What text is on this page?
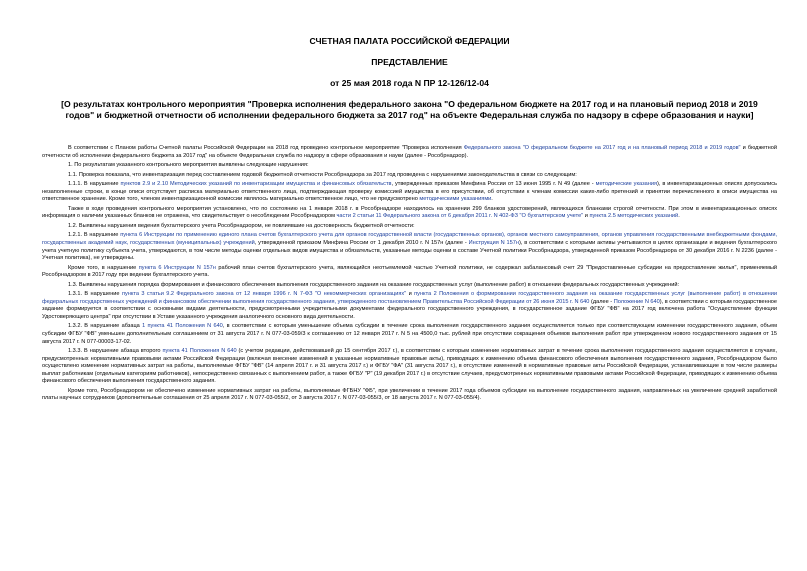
СЧЕТНАЯ ПАЛАТА РОССИЙСКОЙ ФЕДЕРАЦИИ
ПРЕДСТАВЛЕНИЕ
от 25 мая 2018 года N ПР 12-126/12-04
[О результатах контрольного мероприятия "Проверка исполнения федерального закона "О федеральном бюджете на 2017 год и на плановый период 2018 и 2019 годов" и бюджетной отчетности об исполнении федерального бюджета за 2017 год" на объекте Федеральная служба по надзору в сфере образования и науки]

В соответствии с Планом работы Счетной палаты Российской Федерации на 2018 год проведено контрольное мероприятие "Проверка исполнения Федерального закона "О федеральном бюджете на 2017 год и на плановый период 2018 и 2019 годов" и бюджетной отчетности об исполнении федерального бюджета за 2017 год" на объекте Федеральная служба по надзору в сфере образования и науки (далее - Рособрнадзор).

1. По результатам указанного контрольного мероприятия выявлены следующие нарушения:

1.1. Проверка показала, что инвентаризация перед составлением годовой бюджетной отчетности Рособрнадзора за 2017 год проведена с нарушениями законодательства в связи со следующим:

1.1.1. В нарушение пунктов 2.9 и 2.10 Методических указаний по инвентаризации имущества и финансовых обязательств, утвержденных приказом Минфина России от 13 июня 1995 г. N 49 (далее - методические указания), в инвентаризационных описях допускались незаполненные строки, в конце описи отсутствует расписка материально ответственного лица, подтверждающая проверку комиссией имущества в его присутствии, об отсутствии к членам комиссии каких-либо претензий и принятии перечисленного в описи имущества на ответственное хранение. Кроме того, членом инвентаризационной комиссии являлось материально ответственное лицо, что не предусмотрено методическими указаниями.

Также в ходе проведения контрольного мероприятия установлено, что по состоянию на 1 января 2018 г. в Рособрнадзоре находилось на хранении 299 бланков удостоверений, являющихся бланками строгой отчетности. При этом в инвентаризационных описях информация о наличии указанных бланков не отражена, что свидетельствует о несоблюдении Рособрнадзором части 2 статьи 11 Федерального закона от 6 декабря 2011 г. N 402-ФЗ "О бухгалтерском учете" и пункта 2.5 методических указаний.

1.2. Выявлены нарушения ведения бухгалтерского учета Рособрнадзором, не повлиявшие на достоверность бюджетной отчетности:

1.2.1. В нарушение пункта 6 Инструкции по применению единого плана счетов бухгалтерского учета для органов государственной власти (государственных органов), органов местного самоуправления, органов управления государственными внебюджетными фондами, государственных академий наук, государственных (муниципальных) учреждений, утвержденной приказом Минфина России от 1 декабря 2010 г. N 157н (далее - Инструкция N 157н), в соответствии с которыми активы учитываются в целях организации и ведения бухгалтерского учета учетную политику субъекта учета, утверждаются, в том числе методы оценки отдельных видов имущества и обязательств, указанные методы оценки в составе Учетной политики Рособрнадзора, утвержденной приказом Рособрнадзора от 30 декабря 2016 г. N 2236 (далее - Учетная политика), не утверждены.

Кроме того, в нарушение пункта 6 Инструкции N 157н рабочий план счетов бухгалтерского учета, являющийся неотъемлемой частью Учетной политики, не содержал забалансовый счет 29 "Предоставленные субсидии на предоставление жилья", применяемый Рособрнадзором в 2017 году при ведении бухгалтерского учета.

1.3. Выявлены нарушения порядка формирования и финансового обеспечения выполнения государственного задания на оказание государственных услуг (выполнение работ) в отношении федеральных государственных учреждений:

1.3.1. В нарушение пункта 3 статьи 9.2 Федерального закона от 12 января 1996 г. N 7-ФЗ "О некоммерческих организациях" и пункта 2 Положения о формировании государственного задания на оказание государственных услуг (выполнение работ) в отношении федеральных государственных учреждений и финансовом обеспечении выполнения государственного задания, утвержденного постановлением Правительства Российской Федерации от 26 июня 2015 г. N 640 (далее - Положение N 640), в соответствии с которым государственное задание формируется в соответствии с основными видами деятельности, предусмотренными учредительными документами федерального государственного учреждения, в государственное задание ФГБУ "ФВ" на 2017 год включена работа "Осуществление функции Удостоверяющего центра" при отсутствии в Уставе указанного учреждения аналогичного основного вида деятельности.

1.3.2. В нарушение абзаца 1 пункта 41 Положения N 640, в соответствии с которым уменьшение объема субсидии в течение срока выполнения государственного задания осуществляется только при соответствующем изменении государственного задания, объем субсидии ФГБУ "ФВ" уменьшен дополнительным соглашением от 31 августа 2017 г. N 077-03-059/3 к соглашению от 12 января 2017 г. N 5 на 4500,0 тыс. рублей при отсутствии сокращения объемов выполнения работ при утвержденном нового государственного задания от 15 августа 2017 г. N 077-00003-17-02.

1.3.3. В нарушение абзаца второго пункта 41 Положения N 640 (с учетом редакции, действовавшей до 15 сентября 2017 г.), в соответствии с которым изменение нормативных затрат в течение срока выполнения государственного задания осуществляется в случаях, предусмотренных нормативными правовыми актами Российской Федерации (включая внесение изменений в указанные нормативные правовые акты), приводящих к изменению объема финансового обеспечения выполнения государственного задания, Рособрнадзором было осуществлено изменение нормативных затрат на работы, выполняемые ФГБУ "ФВ" (14 апреля 2017 г. и 31 августа 2017 г.) и ФГБУ "ФА" (31 августа 2017 г.), в отсутствие изменений в нормативные правовые акты Российской Федерации, устанавливающие в том числе размеры выплат работникам (отдельным категориям работников), непосредственно связанных с выполнением работ, а также ФГБУ "Р" (19 декабря 2017 г.) в отсутствие случаев, предусмотренных нормативными правовыми актами Российской Федерации, приводящих к изменению объема финансового обеспечения выполнения государственного задания.

Кроме того, Рособрнадзором не обеспечено изменение нормативных затрат на работы, выполняемые ФГБНУ "ФБ", при увеличении в течение 2017 года объемов субсидии на выполнение государственного задания, направленных на увеличение средней заработной платы научных сотрудников (дополнительные соглашения от 25 апреля 2017 г. N 077-03-055/2, от 3 августа 2017 г. N 077-03-055/3, от 18 августа 2017 г. N 077-03-055/4).
